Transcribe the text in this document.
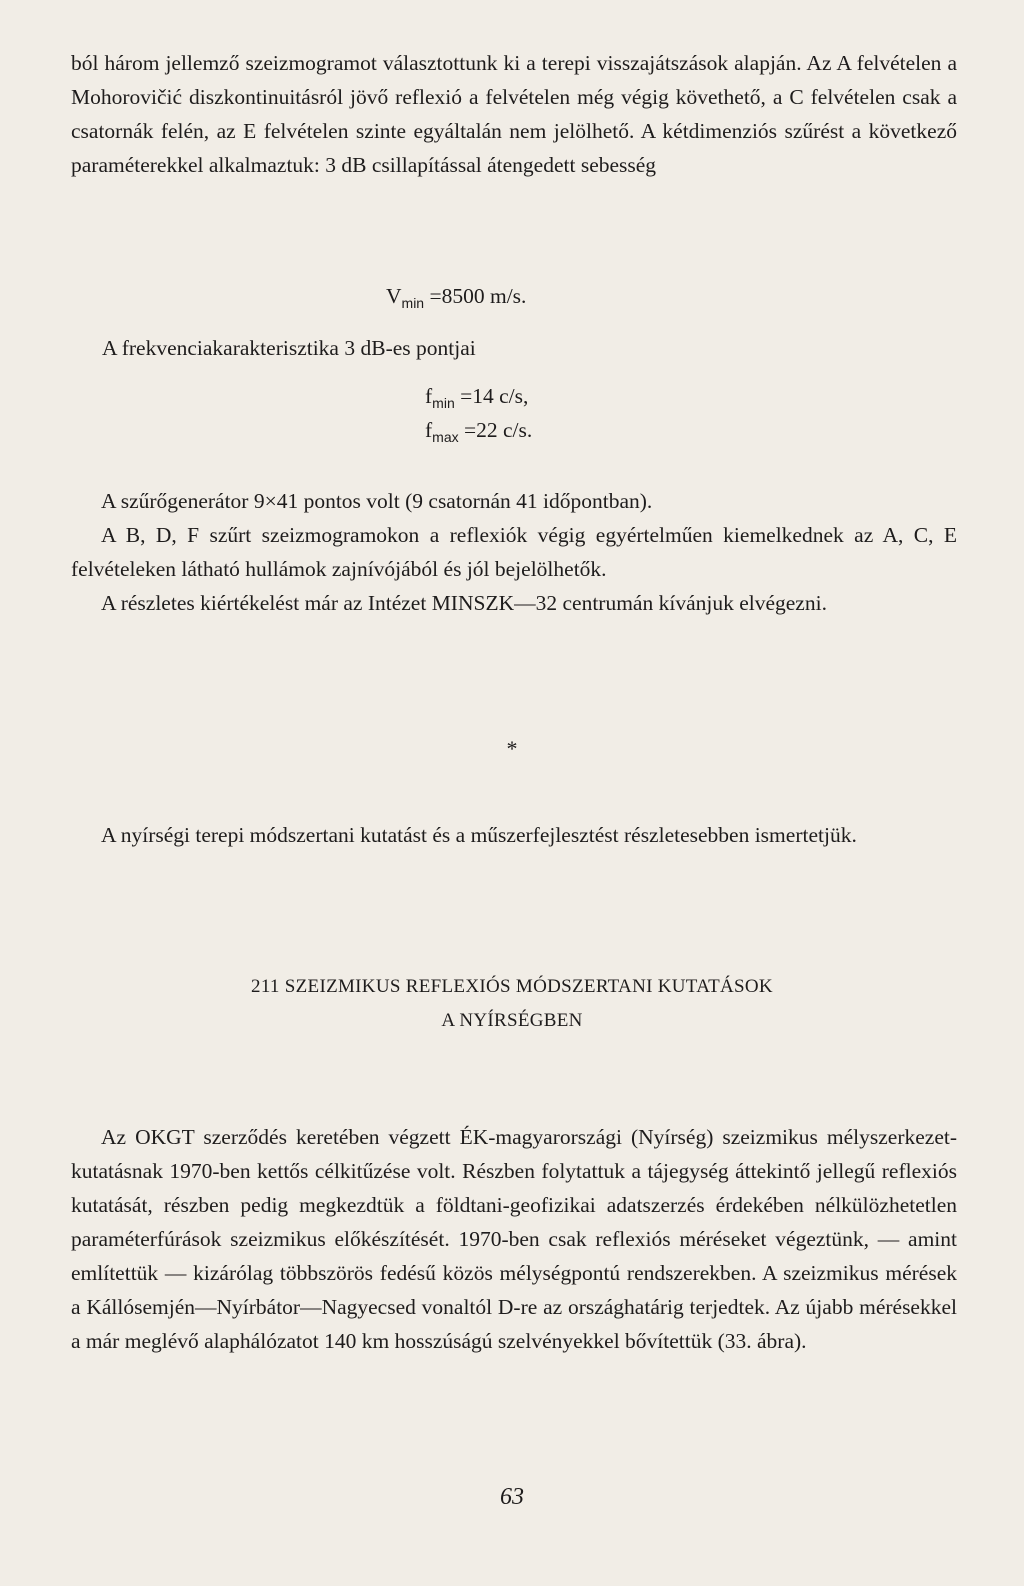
ból három jellemző szeizmogramot választottunk ki a terepi visszajátszások alapján. Az A felvételen a Mohorovičić diszkontinuitásról jövő reflexió a felvételen még végig követhető, a C felvételen csak a csatornák felén, az E felvételen szinte egyáltalán nem jelölhető. A kétdimenziós szűrést a következő paraméterekkel alkalmaztuk: 3 dB csillapítással átengedett sebesség

$V_{min} =8500$ m/s.
A frekvenciakarakterisztika 3 dB-es pontjai
$f_{min} =14$ c/s,
$f_{max} =22$ c/s.

A szűrőgenerátor 9×41 pontos volt (9 csatornán 41 időpontban).

A B, D, F szűrt szeizmogramokon a reflexiók végig egyértelműen kiemelkednek az A, C, E felvételeken látható hullámok zajnívójából és jól bejelölhetők.

A részletes kiértékelést már az Intézet MINSZK—32 centrumán kívánjuk elvégezni.

*

A nyírségi terepi módszertani kutatást és a műszerfejlesztést részletesebben ismertetjük.

211 SZEIZMIKUS REFLEXIÓS MÓDSZERTANI KUTATÁSOK
A NYÍRSÉGBEN

Az OKGT szerződés keretében végzett ÉK-magyarországi (Nyírség) szeizmikus mélyszerkezet-kutatásnak 1970-ben kettős célkitűzése volt. Részben folytattuk a tájegység áttekintő jellegű reflexiós kutatását, részben pedig megkezdtük a földtani-geofizikai adatszerzés érdekében nélkülözhetetlen paraméterfúrások szeizmikus előkészítését. 1970-ben csak reflexiós méréseket végeztünk, — amint említettük — kizárólag többszörös fedésű közös mélységpontú rendszerekben. A szeizmikus mérések a Kállósemjén—Nyírbátor—Nagyecsed vonaltól D-re az országhatárig terjedtek. Az újabb mérésekkel a már meglévő alaphálózatot 140 km hosszúságú szelvényekkel bővítettük (33. ábra).

63
